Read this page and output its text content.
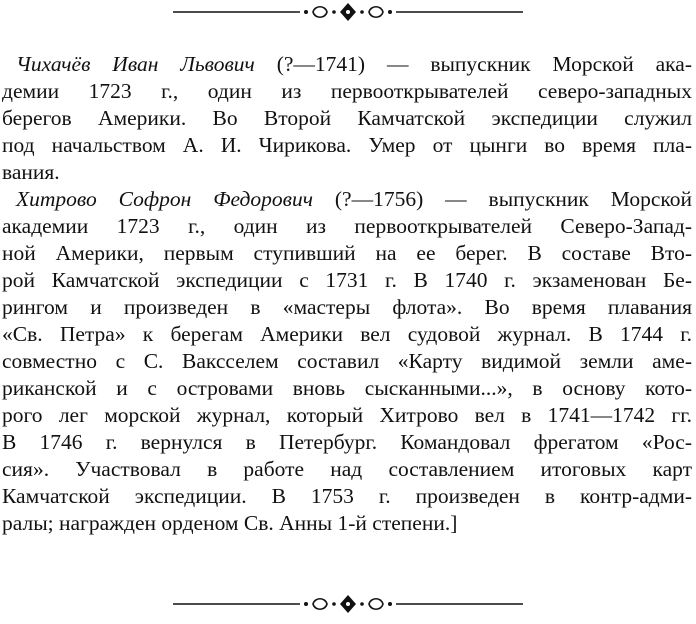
Чихачёв Иван Львович (?—1741) — выпускник Морской ака-
демии 1723 г., один из первооткрывателей северо-западных
берегов Америки. Во Второй Камчатской экспедиции служил
под начальством А. И. Чирикова. Умер от цынги во время пла-
вания.
Хитрово Софрон Федорович (?—1756) — выпускник Морской
академии 1723 г., один из первооткрывателей Северо-Запад-
ной Америки, первым ступивший на ее берег. В составе Вто-
рой Камчатской экспедиции с 1731 г. В 1740 г. экзаменован Бе-
рингом и произведен в «мастеры флота». Во время плавания
«Св. Петра» к берегам Америки вел судовой журнал. В 1744 г.
совместно с С. Ваксселем составил «Карту видимой земли аме-
риканской и с островами вновь сысканными...», в основу кото-
рого лег морской журнал, который Хитрово вел в 1741—1742 гг.
В 1746 г. вернулся в Петербург. Командовал фрегатом «Рос-
сия». Участвовал в работе над составлением итоговых карт
Камчатской экспедиции. В 1753 г. произведен в контр-адми-
ралы; награжден орденом Св. Анны 1-й степени.]
